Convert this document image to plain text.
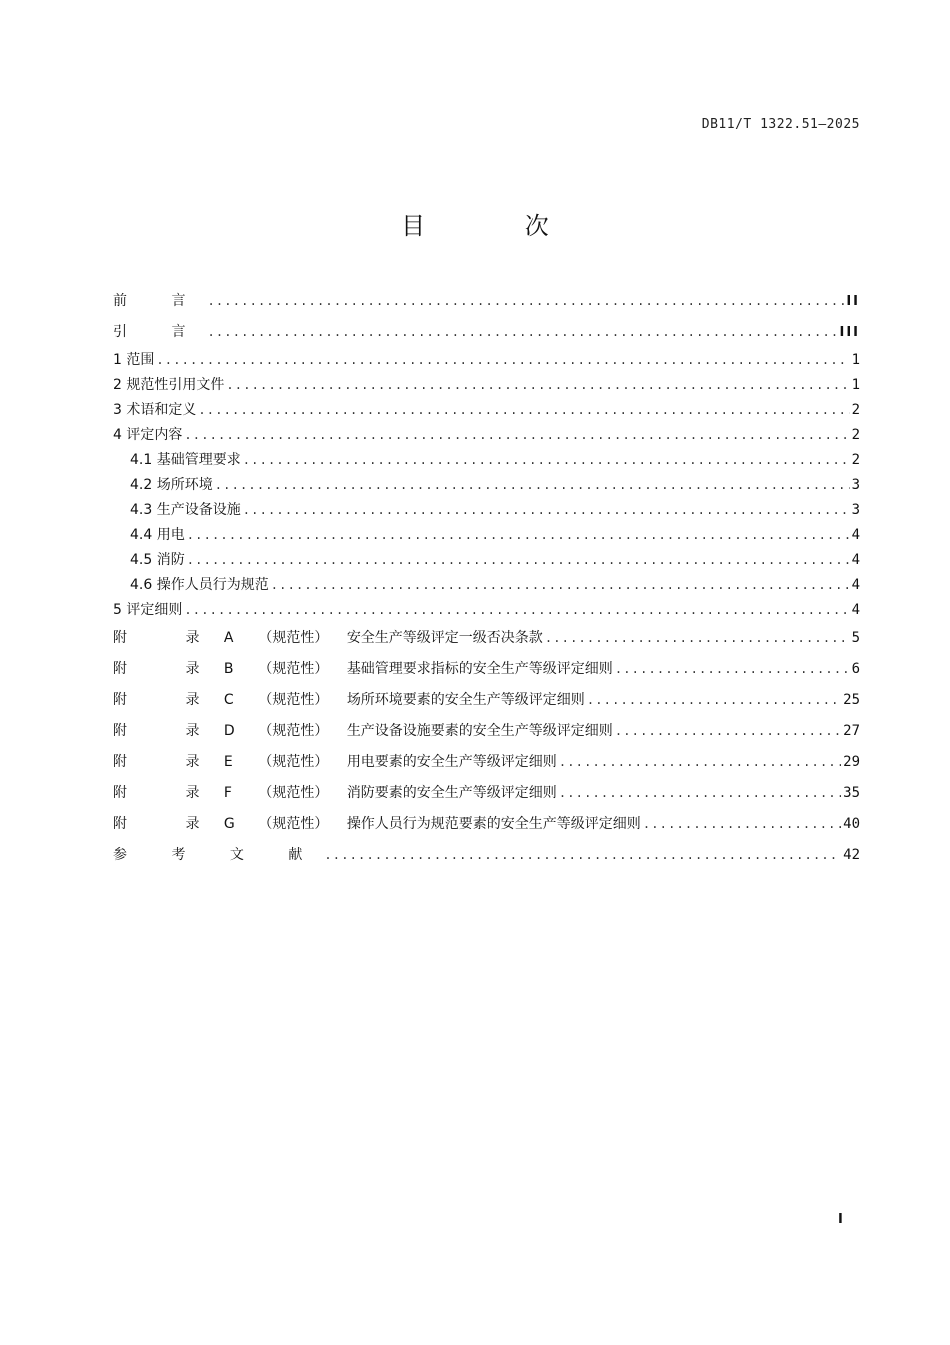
DB11/T 1322.51—2025
目 次
前 言 .....	II
引 言 .....	III
1 范围 .....	1
2 规范性引用文件 .....	1
3 术语和定义 .....	2
4 评定内容 .....	2
4.1 基础管理要求 .....	2
4.2 场所环境 .....	3
4.3 生产设备设施 .....	3
4.4 用电 .....	4
4.5 消防 .....	4
4.6 操作人员行为规范 .....	4
5 评定细则 .....	4
附 录 A （规范性） 安全生产等级评定一级否决条款 .....	5
附 录 B （规范性） 基础管理要求指标的安全生产等级评定细则 .....	6
附 录 C （规范性） 场所环境要素的安全生产等级评定细则 .....	25
附 录 D （规范性） 生产设备设施要素的安全生产等级评定细则 .....	27
附 录 E （规范性） 用电要素的安全生产等级评定细则 .....	29
附 录 F （规范性） 消防要素的安全生产等级评定细则 .....	35
附 录 G （规范性） 操作人员行为规范要素的安全生产等级评定细则 .....	40
参 考 文 献 .....	42
I
